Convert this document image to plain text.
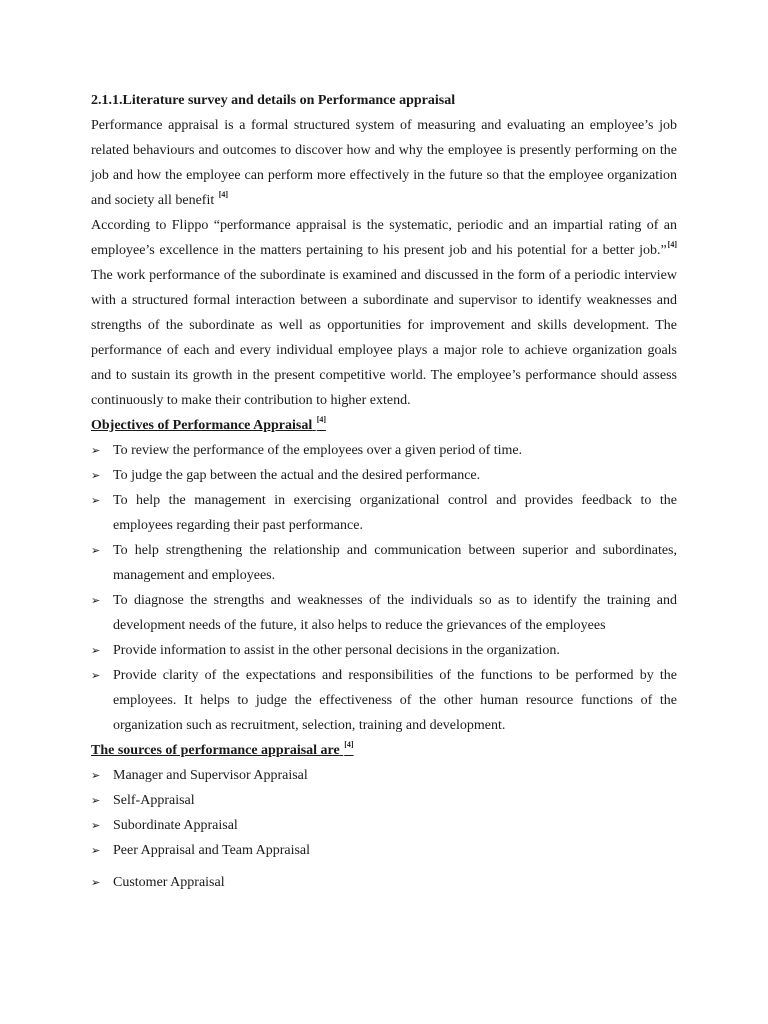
2.1.1.Literature survey and details on Performance appraisal

Performance appraisal is a formal structured system of measuring and evaluating an employee’s job related behaviours and outcomes to discover how and why the employee is presently performing on the job and how the employee can perform more effectively in the future so that the employee organization and society all benefit [4]

According to Flippo “performance appraisal is the systematic, periodic and an impartial rating of an employee’s excellence in the matters pertaining to his present job and his potential for a better job.”[4] The work performance of the subordinate is examined and discussed in the form of a periodic interview with a structured formal interaction between a subordinate and supervisor to identify weaknesses and strengths of the subordinate as well as opportunities for improvement and skills development. The performance of each and every individual employee plays a major role to achieve organization goals and to sustain its growth in the present competitive world. The employee’s performance should assess continuously to make their contribution to higher extend.

Objectives of Performance Appraisal [4]

➢ To review the performance of the employees over a given period of time.
➢ To judge the gap between the actual and the desired performance.
➢ To help the management in exercising organizational control and provides feedback to the employees regarding their past performance.
➢ To help strengthening the relationship and communication between superior and subordinates, management and employees.
➢ To diagnose the strengths and weaknesses of the individuals so as to identify the training and development needs of the future, it also helps to reduce the grievances of the employees
➢ Provide information to assist in the other personal decisions in the organization.
➢ Provide clarity of the expectations and responsibilities of the functions to be performed by the employees. It helps to judge the effectiveness of the other human resource functions of the organization such as recruitment, selection, training and development.

The sources of performance appraisal are [4]

➢ Manager and Supervisor Appraisal
➢ Self-Appraisal
➢ Subordinate Appraisal
➢ Peer Appraisal and Team Appraisal
➢ Customer Appraisal
